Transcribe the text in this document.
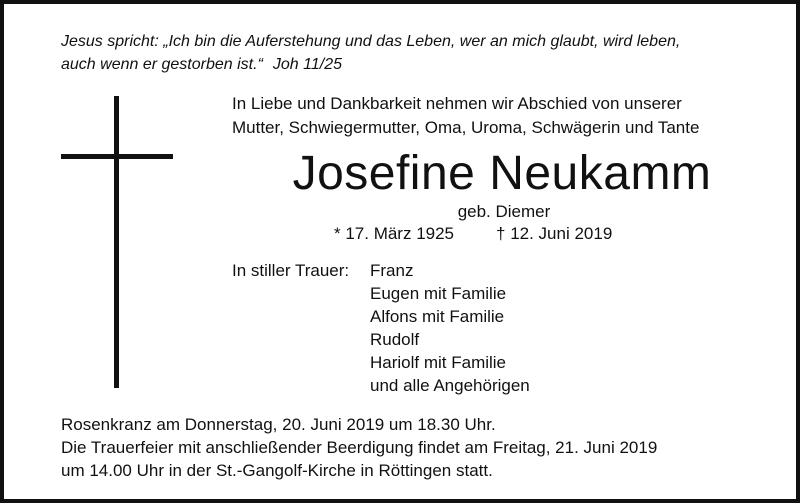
Jesus spricht: „Ich bin die Auferstehung und das Leben, wer an mich glaubt, wird leben,
auch wenn er gestorben ist.“ Joh 11/25
In Liebe und Dankbarkeit nehmen wir Abschied von unserer
Mutter, Schwiegermutter, Oma, Uroma, Schwägerin und Tante
Josefine Neukamm
geb. Diemer
* 17. März 1925 † 12. Juni 2019
In stiller Trauer: Franz
Eugen mit Familie
Alfons mit Familie
Rudolf
Hariolf mit Familie
und alle Angehörigen
Rosenkranz am Donnerstag, 20. Juni 2019 um 18.30 Uhr.
Die Trauerfeier mit anschließender Beerdigung findet am Freitag, 21. Juni 2019
um 14.00 Uhr in der St.-Gangolf-Kirche in Röttingen statt.
